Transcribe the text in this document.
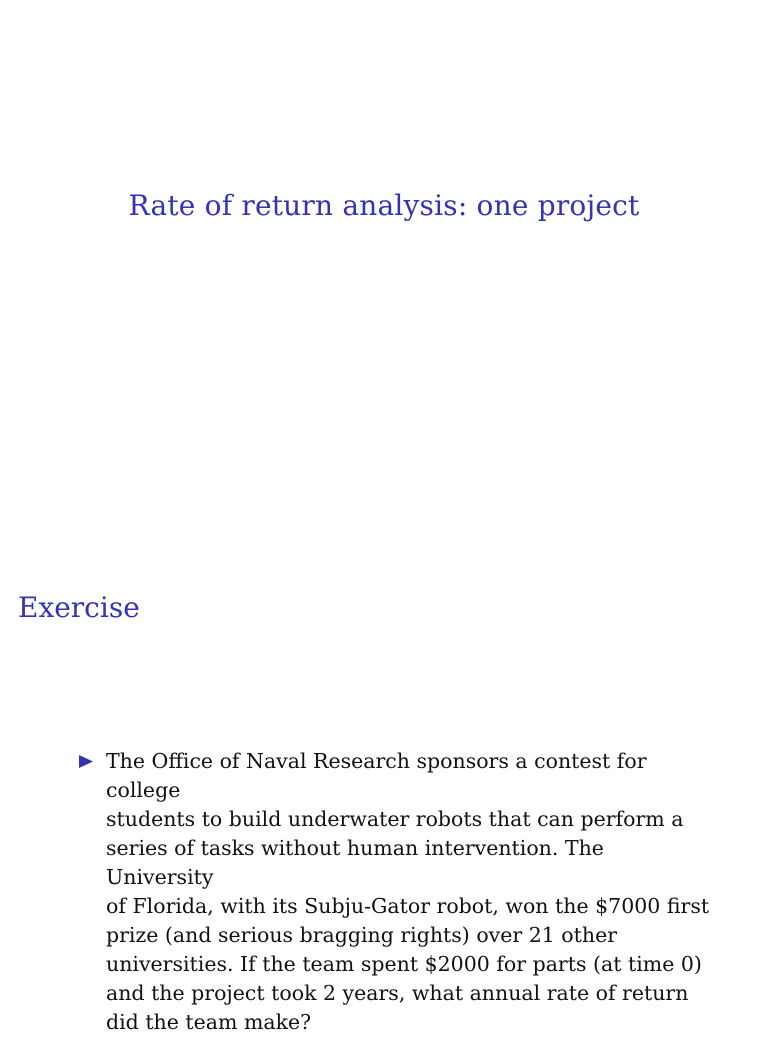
Rate of return analysis: one project
Exercise
The Office of Naval Research sponsors a contest for college
students to build underwater robots that can perform a
series of tasks without human intervention. The University
of Florida, with its Subju-Gator robot, won the $7000 first
prize (and serious bragging rights) over 21 other
universities. If the team spent $2000 for parts (at time 0)
and the project took 2 years, what annual rate of return
did the team make?
